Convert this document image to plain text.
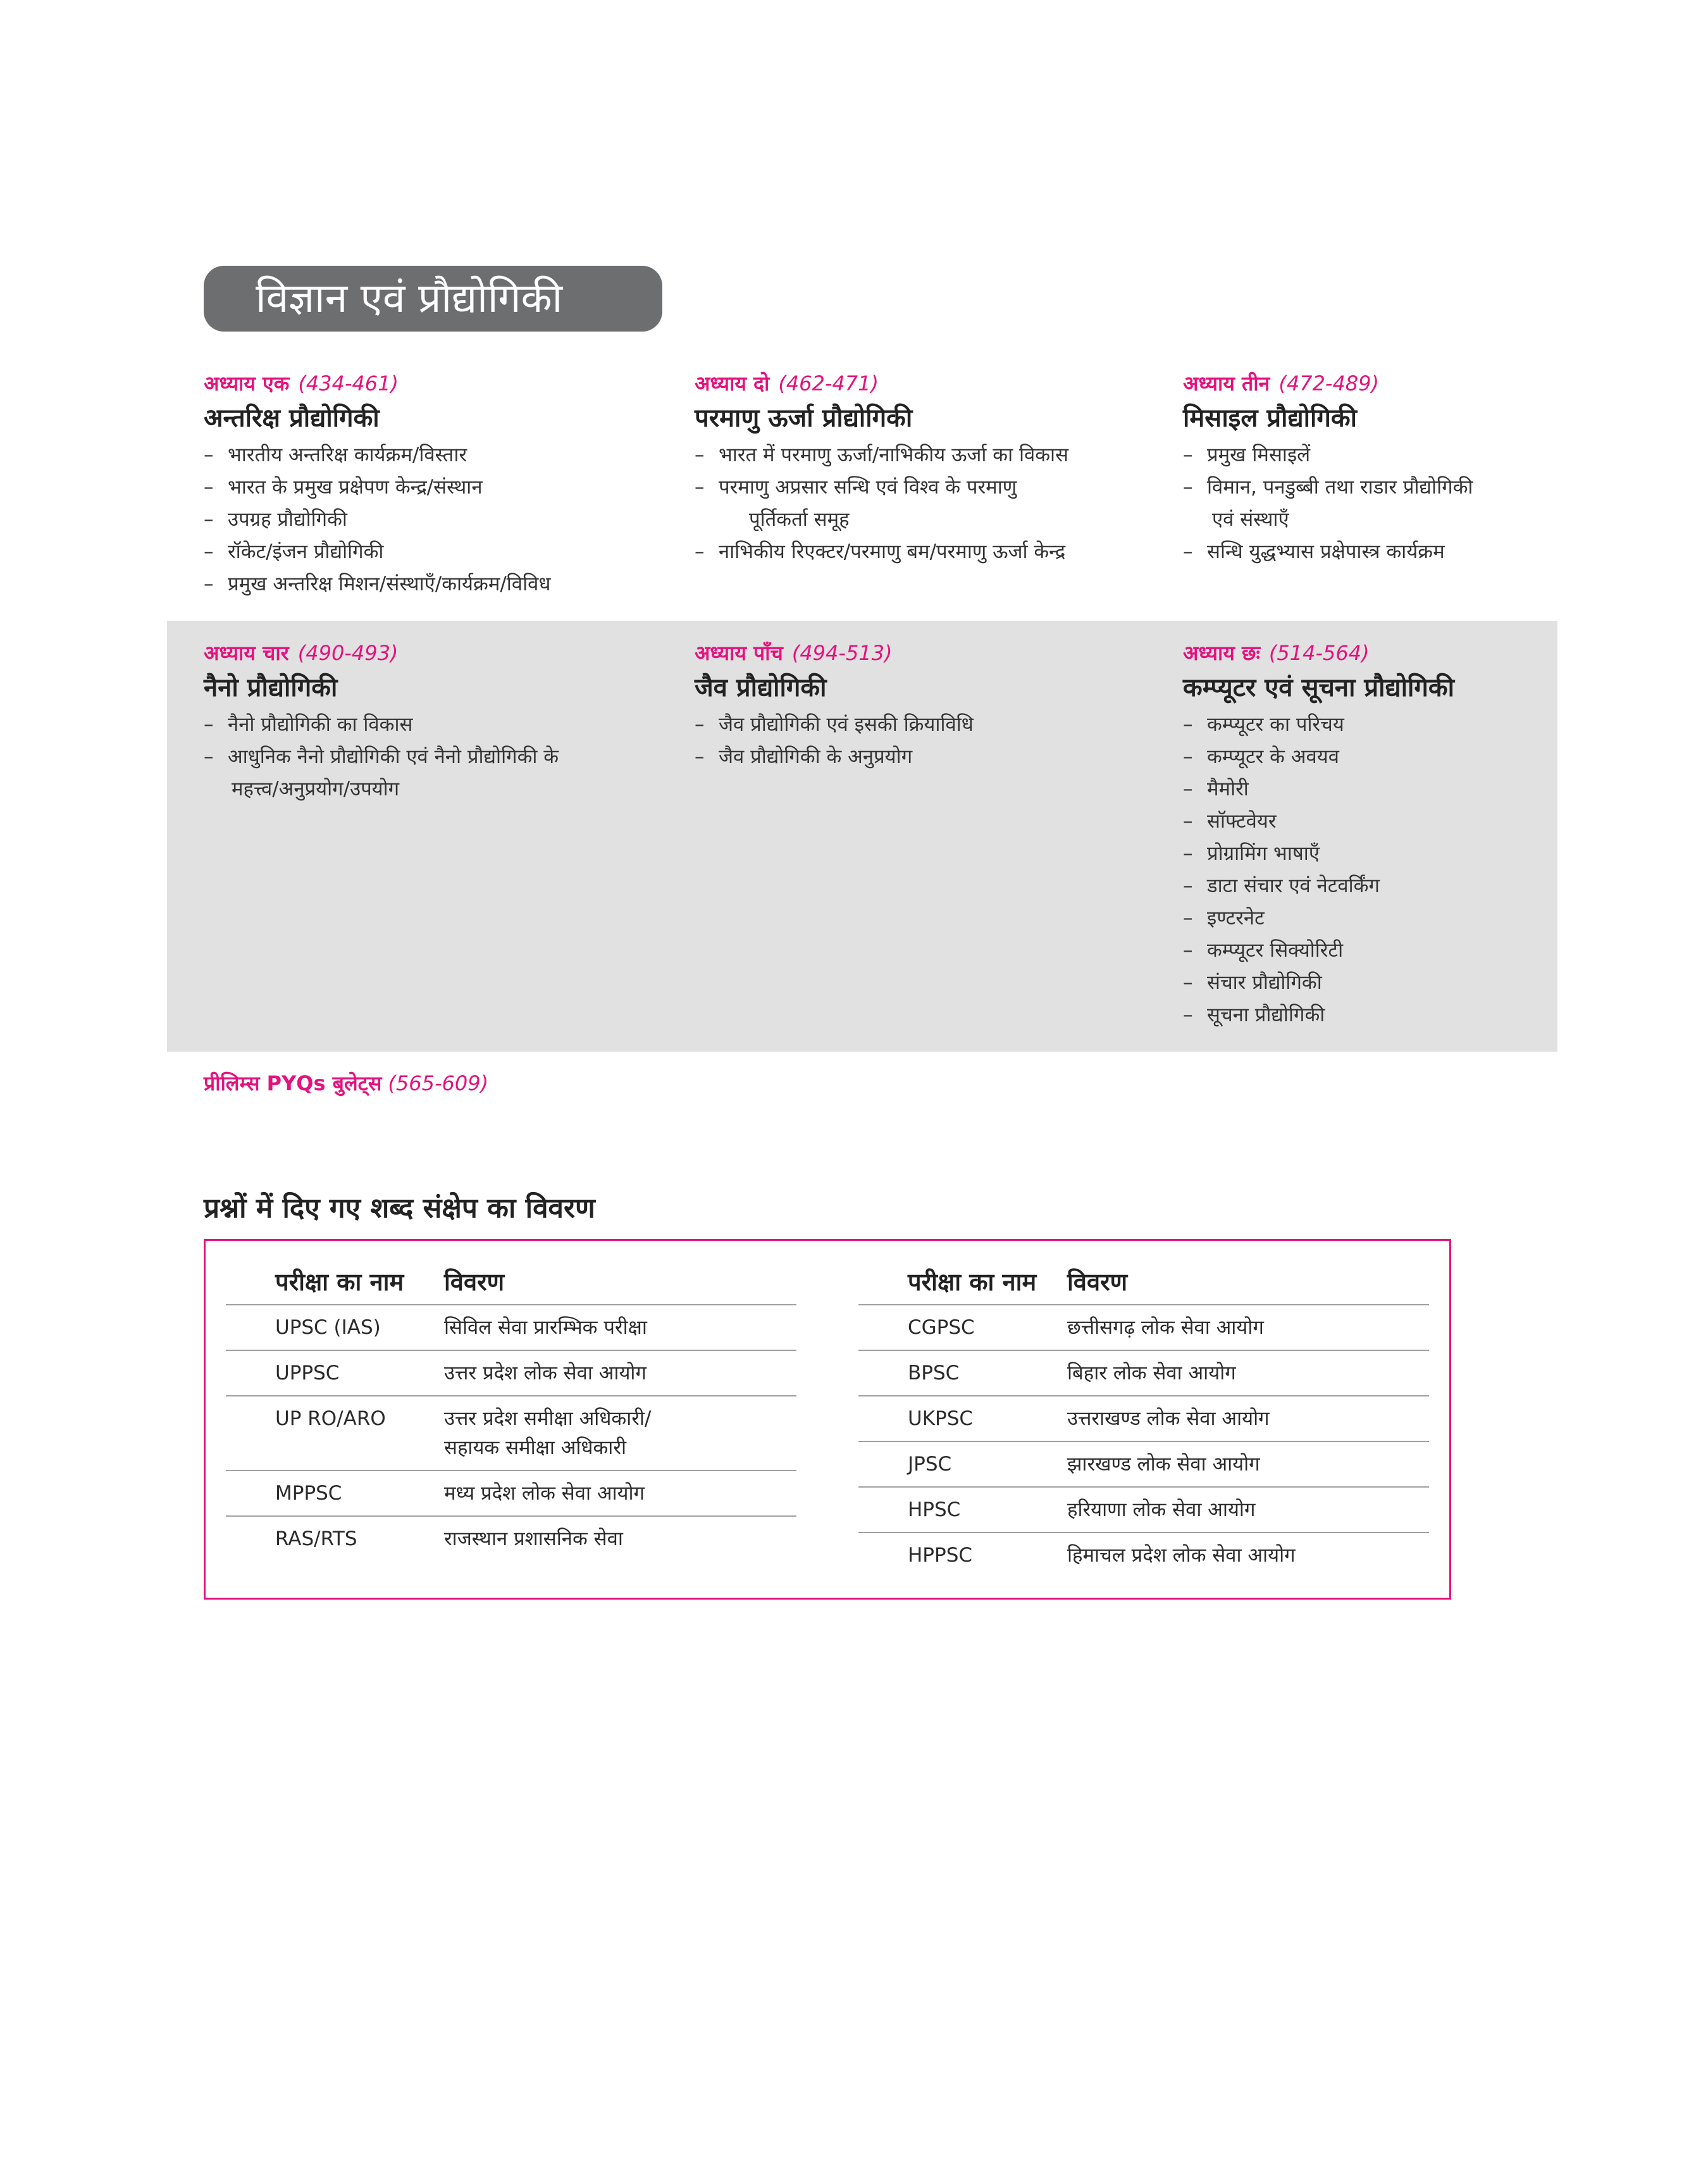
विज्ञान एवं प्रौद्योगिकी
अध्याय एक (434-461)
अन्तरिक्ष प्रौद्योगिकी
– भारतीय अन्तरिक्ष कार्यक्रम/विस्तार
– भारत के प्रमुख प्रक्षेपण केन्द्र/संस्थान
– उपग्रह प्रौद्योगिकी
– रॉकेट/इंजन प्रौद्योगिकी
– प्रमुख अन्तरिक्ष मिशन/संस्थाएँ/कार्यक्रम/विविध
अध्याय दो (462-471)
परमाणु ऊर्जा प्रौद्योगिकी
– भारत में परमाणु ऊर्जा/नाभिकीय ऊर्जा का विकास
– परमाणु अप्रसार सन्धि एवं विश्व के परमाणु
पूर्तिकर्ता समूह
– नाभिकीय रिएक्टर/परमाणु बम/परमाणु ऊर्जा केन्द्र
अध्याय तीन (472-489)
मिसाइल प्रौद्योगिकी
– प्रमुख मिसाइलें
– विमान, पनडुब्बी तथा राडार प्रौद्योगिकी
एवं संस्थाएँ
– सन्धि युद्धभ्यास प्रक्षेपास्त्र कार्यक्रम
अध्याय चार (490-493)
नैनो प्रौद्योगिकी
– नैनो प्रौद्योगिकी का विकास
– आधुनिक नैनो प्रौद्योगिकी एवं नैनो प्रौद्योगिकी के
महत्त्व/अनुप्रयोग/उपयोग
अध्याय पाँच (494-513)
जैव प्रौद्योगिकी
– जैव प्रौद्योगिकी एवं इसकी क्रियाविधि
– जैव प्रौद्योगिकी के अनुप्रयोग
अध्याय छः (514-564)
कम्प्यूटर एवं सूचना प्रौद्योगिकी
– कम्प्यूटर का परिचय
– कम्प्यूटर के अवयव
– मैमोरी
– सॉफ्टवेयर
– प्रोग्रामिंग भाषाएँ
– डाटा संचार एवं नेटवर्किंग
– इण्टरनेट
– कम्प्यूटर सिक्योरिटी
– संचार प्रौद्योगिकी
– सूचना प्रौद्योगिकी
प्रीलिम्स PYQs बुलेट्स (565-609)
प्रश्नों में दिए गए शब्द संक्षेप का विवरण
परीक्षा का नाम	विवरण
UPSC (IAS)	सिविल सेवा प्रारम्भिक परीक्षा
UPPSC	उत्तर प्रदेश लोक सेवा आयोग
UP RO/ARO	उत्तर प्रदेश समीक्षा अधिकारी/
सहायक समीक्षा अधिकारी

MPPSC	मध्य प्रदेश लोक सेवा आयोग
RAS/RTS	राजस्थान प्रशासनिक सेवा
परीक्षा का नाम	विवरण
CGPSC	छत्तीसगढ़ लोक सेवा आयोग
BPSC	बिहार लोक सेवा आयोग
UKPSC	उत्तराखण्ड लोक सेवा आयोग
JPSC	झारखण्ड लोक सेवा आयोग
HPSC	हरियाणा लोक सेवा आयोग
HPPSC	हिमाचल प्रदेश लोक सेवा आयोग
